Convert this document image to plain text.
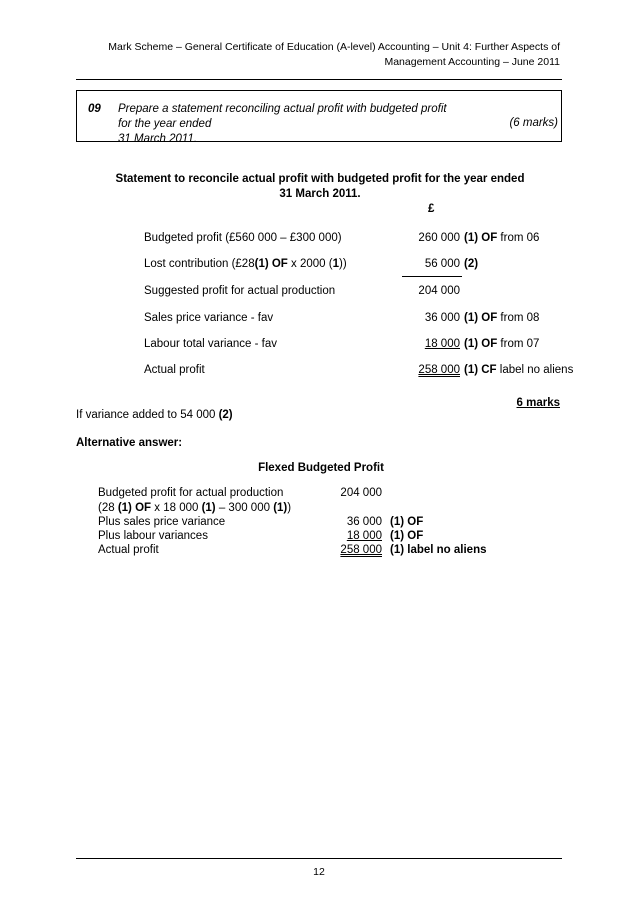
Mark Scheme – General Certificate of Education (A-level) Accounting – Unit 4: Further Aspects of
Management Accounting – June 2011
09 Prepare a statement reconciling actual profit with budgeted profit for the year ended
31 March 2011.
(6 marks)
Statement to reconcile actual profit with budgeted profit for the year ended
31 March 2011.
£
Budgeted profit (£560 000 – £300 000)	260 000 (1) OF from 06
Lost contribution (£28(1) OF x 2000 (1))	56 000 (2)
Suggested profit for actual production	204 000
Sales price variance - fav	36 000 (1) OF from 08
Labour total variance - fav	18 000 (1) OF from 07
Actual profit	258 000 (1) CF label no aliens
6 marks
If variance added to 54 000 (2)
Alternative answer:
Flexed Budgeted Profit
Budgeted profit for actual production	204 000
(28 (1) OF x 18 000 (1) – 300 000 (1))
Plus sales price variance	36 000 (1) OF
Plus labour variances	18 000 (1) OF
Actual profit	258 000 (1) label no aliens
12
